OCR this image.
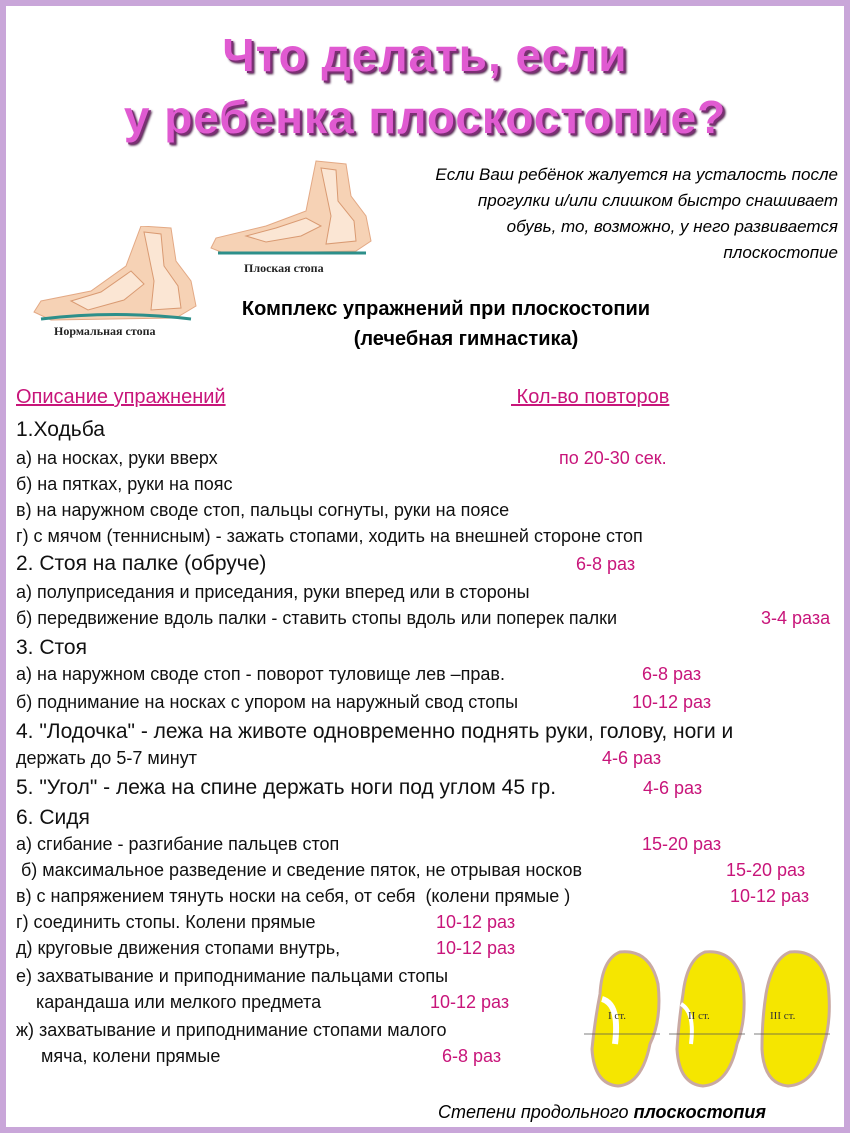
Что делать, если
у ребенка плоскостопие?
Плоская стопа
Нормальная стопа
Если Ваш ребёнок жалуется на усталость после
прогулки и/или слишком быстро снашивает
обувь, то, возможно, у него развивается
плоскостопие
Комплекс упражнений при плоскостопии
(лечебная гимнастика)
Описание упражнений	Кол-во повторов
1.Ходьба
а) на носках, руки вверх	по 20-30 сек.
б) на пятках, руки на пояс
в) на наружном своде стоп, пальцы согнуты, руки на поясе
г) с мячом (теннисным) - зажать стопами, ходить на внешней стороне стоп
2. Стоя на палке (обруче)	6-8 раз
а) полуприседания и приседания, руки вперед или в стороны
б) передвижение вдоль палки - ставить стопы вдоль или поперек палки	3-4 раза
3. Стоя
а) на наружном своде стоп - поворот туловище лев –прав.	6-8 раз
б) поднимание на носках с упором на наружный свод стопы	10-12 раз
4. "Лодочка" - лежа на животе одновременно поднять руки, голову, ноги и
держать до 5-7 минут	4-6 раз
5. "Угол" - лежа на спине держать ноги под углом 45 гр.	4-6 раз
6. Сидя
а) сгибание - разгибание пальцев стоп	15-20 раз
б) максимальное разведение и сведение пяток, не отрывая носков	15-20 раз
в) с напряжением тянуть носки на себя, от себя  (колени прямые )	10-12 раз
г) соединить стопы. Колени прямые	10-12 раз
д) круговые движения стопами внутрь,	10-12 раз
е) захватывание и приподнимание пальцами стопы
карандаша или мелкого предмета	10-12 раз
ж) захватывание и приподнимание стопами малого
мяча, колени прямые	6-8 раз
I ст.	II ст.	III ст.
Степени продольного плоскостопия
